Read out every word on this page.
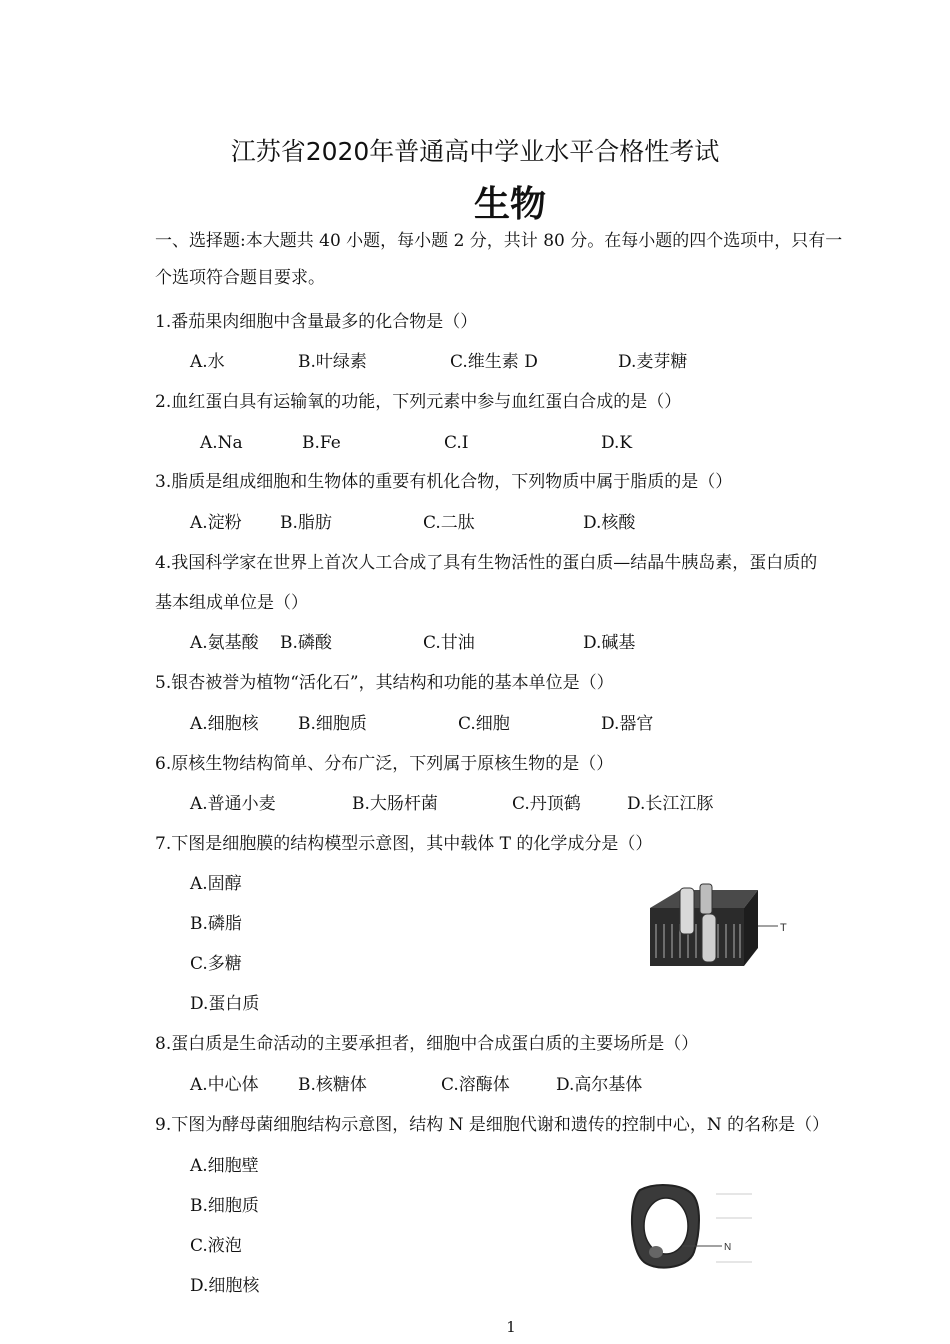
江苏省2020年普通高中学业水平合格性考试
生物
一、选择题:本大题共 40 小题，每小题 2 分，共计 80 分。在每小题的四个选项中，只有一
个选项符合题目要求。
1.番茄果肉细胞中含量最多的化合物是（）
A.水	B.叶绿素	C.维生素 D	D.麦芽糖
2.血红蛋白具有运输氧的功能，下列元素中参与血红蛋白合成的是（）
A.Na	B.Fe	C.I	D.K
3.脂质是组成细胞和生物体的重要有机化合物，下列物质中属于脂质的是（）
A.淀粉 B.脂肪	C.二肽	D.核酸
4.我国科学家在世界上首次人工合成了具有生物活性的蛋白质—结晶牛胰岛素，蛋白质的
基本组成单位是（）
A.氨基酸 B.磷酸	C.甘油	D.碱基
5.银杏被誉为植物“活化石”，其结构和功能的基本单位是（）
A.细胞核 B.细胞质	C.细胞	D.器官
6.原核生物结构简单、分布广泛，下列属于原核生物的是（）
A.普通小麦	B.大肠杆菌	C.丹顶鹤	D.长江江豚
7.下图是细胞膜的结构模型示意图，其中载体 T 的化学成分是（）
A.固醇
B.磷脂
C.多糖
D.蛋白质
T
8.蛋白质是生命活动的主要承担者，细胞中合成蛋白质的主要场所是（）
A.中心体 B.核糖体	C.溶酶体	D.高尔基体
9.下图为酵母菌细胞结构示意图，结构 N 是细胞代谢和遗传的控制中心，N 的名称是（）
A.细胞壁
B.细胞质
C.液泡
D.细胞核
N
1
